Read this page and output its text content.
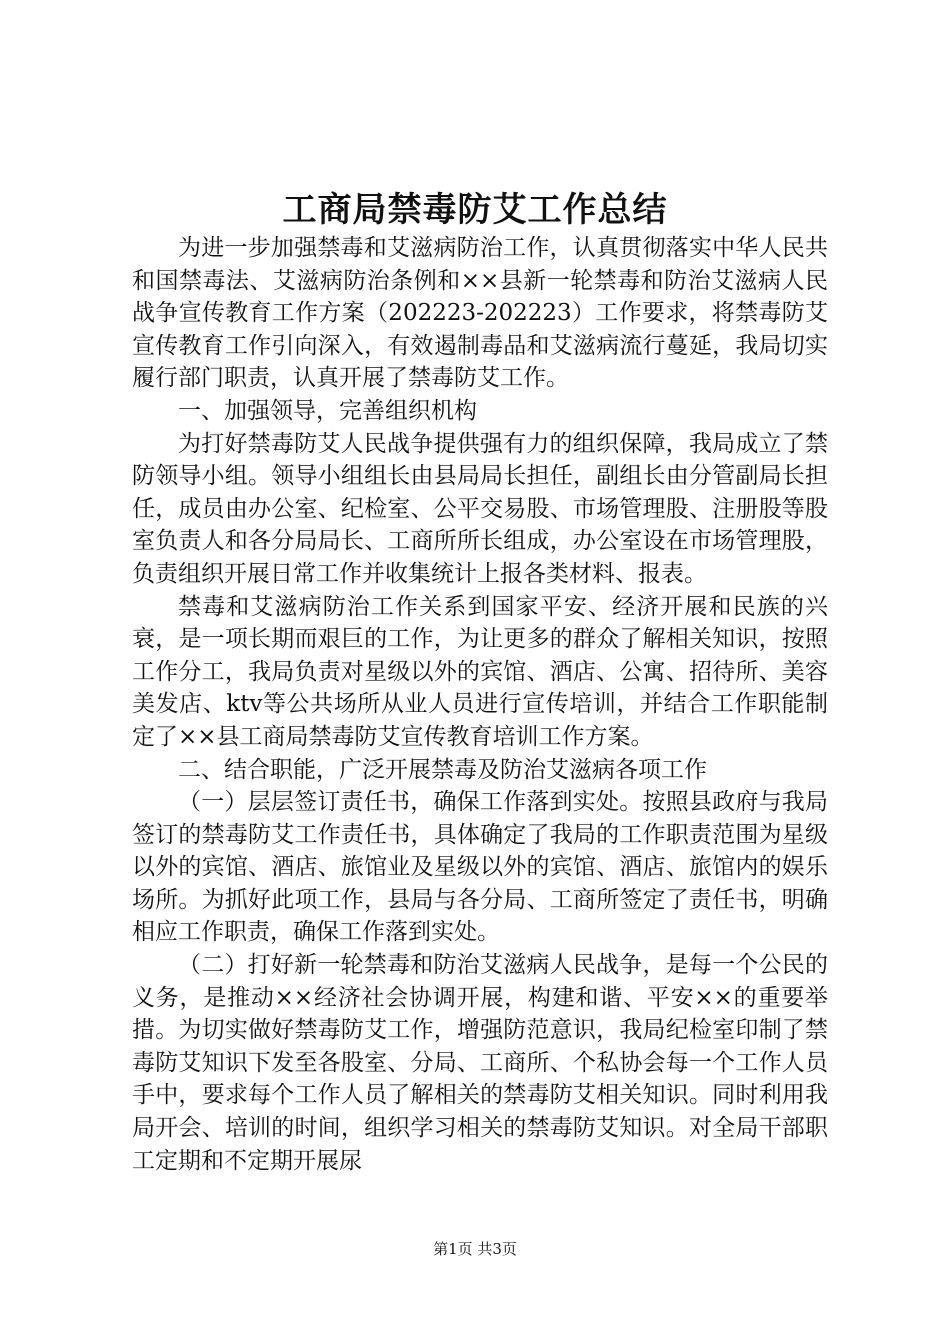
工商局禁毒防艾工作总结

为进一步加强禁毒和艾滋病防治工作，认真贯彻落实中华人民共和国禁毒法、艾滋病防治条例和××县新一轮禁毒和防治艾滋病人民战争宣传教育工作方案（202223-202223）工作要求，将禁毒防艾宣传教育工作引向深入，有效遏制毒品和艾滋病流行蔓延，我局切实履行部门职责，认真开展了禁毒防艾工作。

一、加强领导，完善组织机构

为打好禁毒防艾人民战争提供强有力的组织保障，我局成立了禁防领导小组。领导小组组长由县局局长担任，副组长由分管副局长担任，成员由办公室、纪检室、公平交易股、市场管理股、注册股等股室负责人和各分局局长、工商所所长组成，办公室设在市场管理股，负责组织开展日常工作并收集统计上报各类材料、报表。

禁毒和艾滋病防治工作关系到国家平安、经济开展和民族的兴衰，是一项长期而艰巨的工作，为让更多的群众了解相关知识，按照工作分工，我局负责对星级以外的宾馆、酒店、公寓、招待所、美容美发店、ktv等公共场所从业人员进行宣传培训，并结合工作职能制定了××县工商局禁毒防艾宣传教育培训工作方案。

二、结合职能，广泛开展禁毒及防治艾滋病各项工作

（一）层层签订责任书，确保工作落到实处。按照县政府与我局签订的禁毒防艾工作责任书，具体确定了我局的工作职责范围为星级以外的宾馆、酒店、旅馆业及星级以外的宾馆、酒店、旅馆内的娱乐场所。为抓好此项工作，县局与各分局、工商所签定了责任书，明确相应工作职责，确保工作落到实处。

（二）打好新一轮禁毒和防治艾滋病人民战争，是每一个公民的义务，是推动××经济社会协调开展，构建和谐、平安××的重要举措。为切实做好禁毒防艾工作，增强防范意识，我局纪检室印制了禁毒防艾知识下发至各股室、分局、工商所、个私协会每一个工作人员手中，要求每个工作人员了解相关的禁毒防艾相关知识。同时利用我局开会、培训的时间，组织学习相关的禁毒防艾知识。对全局干部职工定期和不定期开展尿

第1页 共3页
